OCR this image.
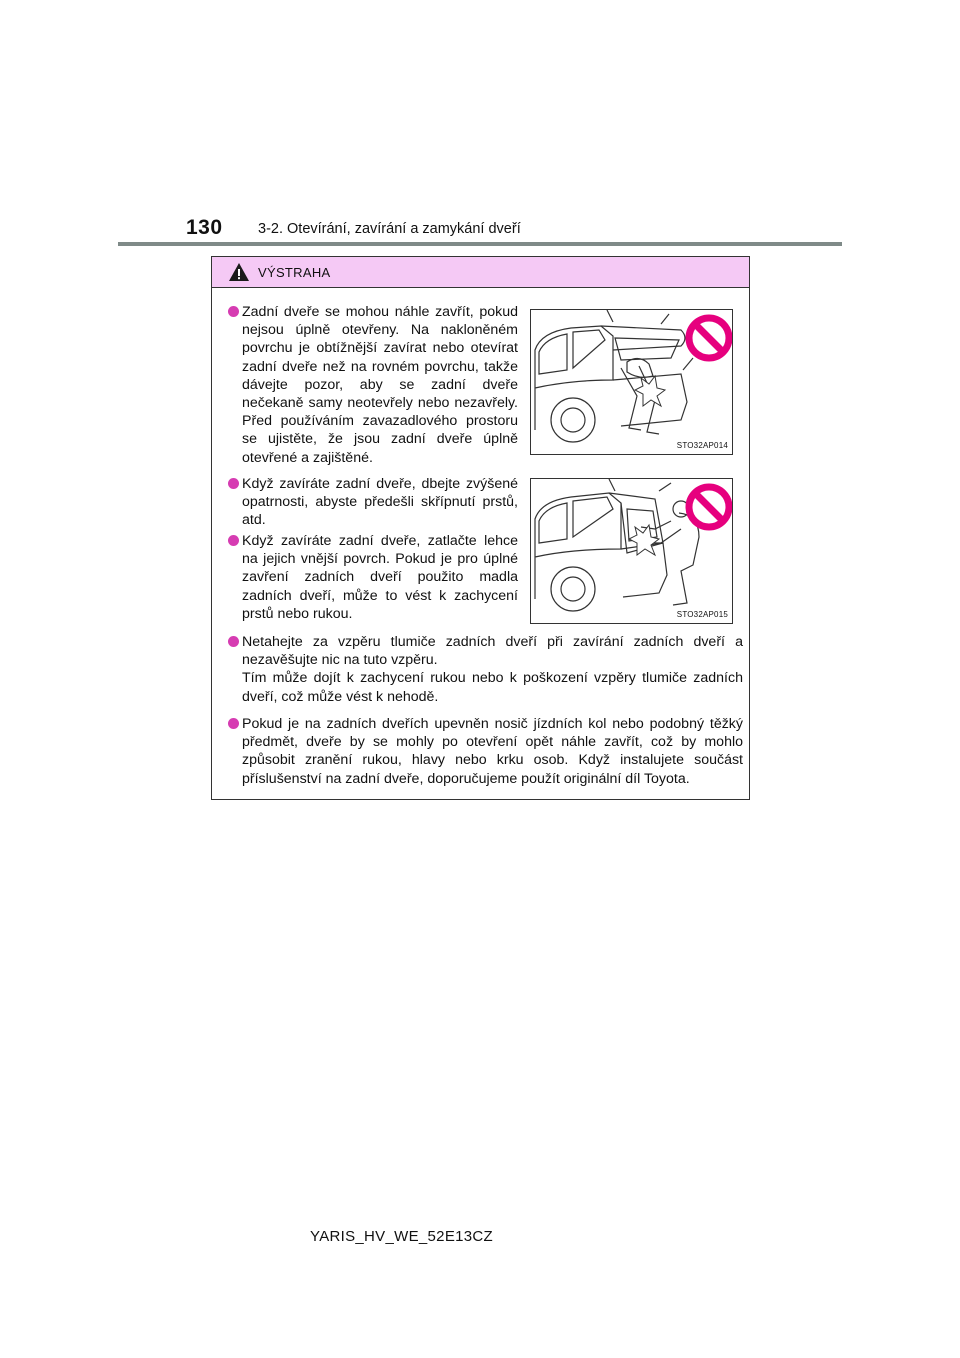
130 3-2. Otevírání, zavírání a zamykání dveří
VÝSTRAHA
Zadní dveře se mohou náhle zavřít, pokud nejsou úplně otevřeny. Na nakloněném povrchu je obtížnější zavírat nebo otevírat zadní dveře než na rovném povrchu, takže dávejte pozor, aby se zadní dveře nečekaně samy neotevřely nebo nezavřely. Před používáním zavazadlového prostoru se ujistěte, že jsou zadní dveře úplně otevřené a zajištěné.
STO32AP014
Když zavíráte zadní dveře, dbejte zvýšené opatrnosti, abyste předešli skřípnutí prstů, atd.
Když zavíráte zadní dveře, zatlačte lehce na jejich vnější povrch. Pokud je pro úplné zavření zadních dveří použito madla zadních dveří, může to vést k zachycení prstů nebo rukou.	STO32AP015
Netahejte za vzpěru tlumiče zadních dveří při zavírání zadních dveří a nezavěšujte nic na tuto vzpěru.
Tím může dojít k zachycení rukou nebo k poškození vzpěry tlumiče zadních dveří, což může vést k nehodě.
Pokud je na zadních dveřích upevněn nosič jízdních kol nebo podobný těžký předmět, dveře by se mohly po otevření opět náhle zavřít, což by mohlo způsobit zranění rukou, hlavy nebo krku osob. Když instalujete součást příslušenství na zadní dveře, doporučujeme použít originální díl Toyota.
YARIS_HV_WE_52E13CZ
